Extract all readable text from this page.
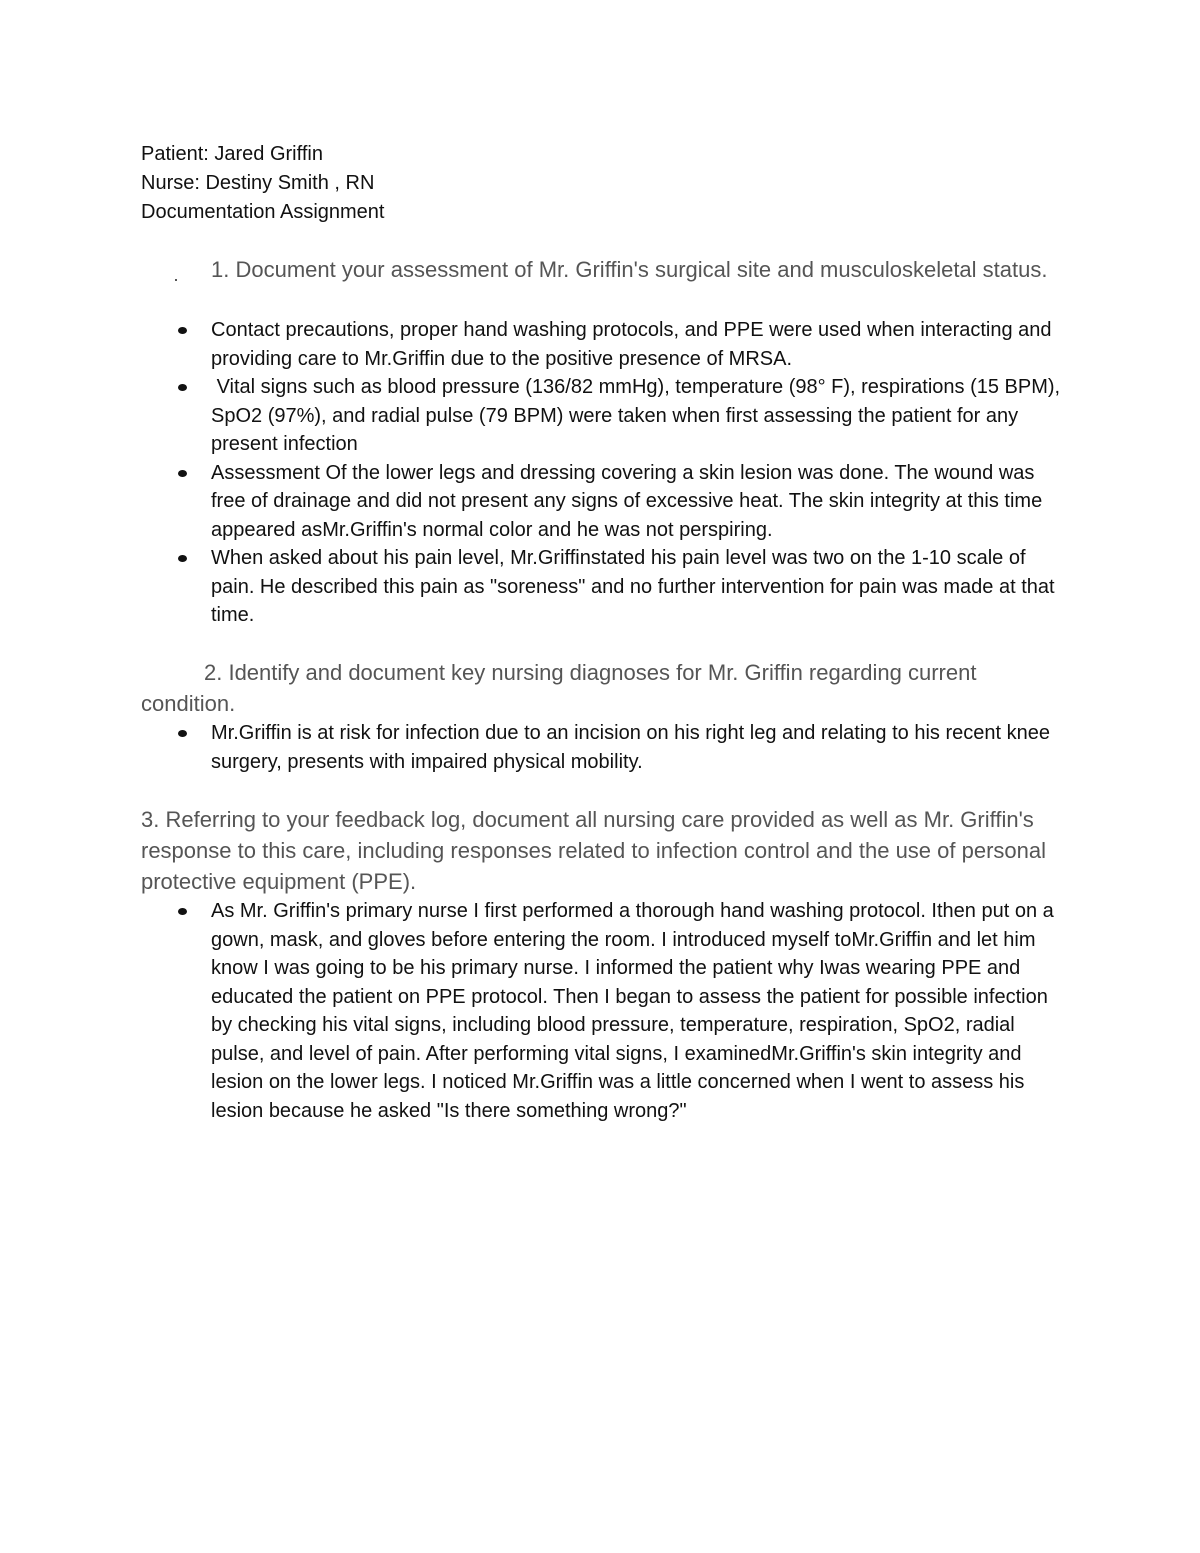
Patient: Jared Griffin
Nurse: Destiny Smith , RN
Documentation Assignment
1. Document your assessment of Mr. Griffin's surgical site and musculoskeletal status.
Contact precautions, proper hand washing protocols, and PPE were used when interacting and providing care to Mr.Griffin due to the positive presence of MRSA.
Vital signs such as blood pressure (136/82 mmHg), temperature (98° F), respirations (15 BPM), SpO2 (97%), and radial pulse (79 BPM) were taken when first assessing the patient for any present infection
Assessment Of the lower legs and dressing covering a skin lesion was done. The wound was free of drainage and did not present any signs of excessive heat. The skin integrity at this time appeared asMr.Griffin's normal color and he was not perspiring.
When asked about his pain level, Mr.Griffinstated his pain level was two on the 1-10 scale of pain. He described this pain as "soreness" and no further intervention for pain was made at that time.
2. Identify and document key nursing diagnoses for Mr. Griffin regarding current condition.
Mr.Griffin is at risk for infection due to an incision on his right leg and relating to his recent knee surgery, presents with impaired physical mobility.
3. Referring to your feedback log, document all nursing care provided as well as Mr. Griffin's response to this care, including responses related to infection control and the use of personal protective equipment (PPE).
As Mr. Griffin's primary nurse I first performed a thorough hand washing protocol. Ithen put on a gown, mask, and gloves before entering the room. I introduced myself toMr.Griffin and let him know I was going to be his primary nurse. I informed the patient why Iwas wearing PPE and educated the patient on PPE protocol. Then I began to assess the patient for possible infection by checking his vital signs, including blood pressure, temperature, respiration, SpO2, radial pulse, and level of pain. After performing vital signs, I examinedMr.Griffin's skin integrity and lesion on the lower legs. I noticed Mr.Griffin was a little concerned when I went to assess his lesion because he asked "Is there something wrong?"
